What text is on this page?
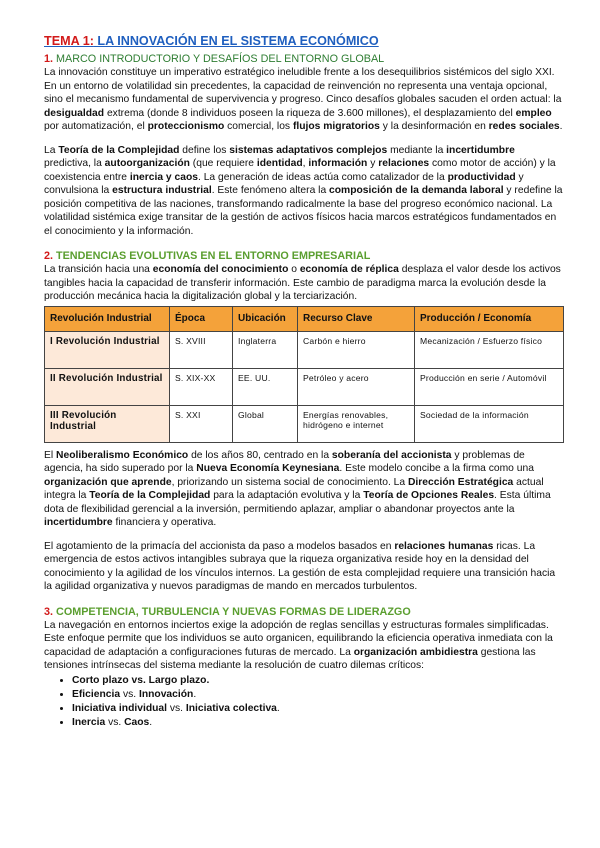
TEMA 1: LA INNOVACIÓN EN EL SISTEMA ECONÓMICO
1. MARCO INTRODUCTORIO Y DESAFÍOS DEL ENTORNO GLOBAL

La innovación constituye un imperativo estratégico ineludible frente a los desequilibrios sistémicos del siglo XXI. En un entorno de volatilidad sin precedentes, la capacidad de reinvención no representa una ventaja opcional, sino el mecanismo fundamental de supervivencia y progreso. Cinco desafíos globales sacuden el orden actual: la desigualdad extrema (donde 8 individuos poseen la riqueza de 3.600 millones), el desplazamiento del empleo por automatización, el proteccionismo comercial, los flujos migratorios y la desinformación en redes sociales.

La Teoría de la Complejidad define los sistemas adaptativos complejos mediante la incertidumbre predictiva, la autoorganización (que requiere identidad, información y relaciones como motor de acción) y la coexistencia entre inercia y caos. La generación de ideas actúa como catalizador de la productividad y convulsiona la estructura industrial. Este fenómeno altera la composición de la demanda laboral y redefine la posición competitiva de las naciones, transformando radicalmente la base del progreso económico nacional. La volatilidad sistémica exige transitar de la gestión de activos físicos hacia marcos estratégicos fundamentados en el conocimiento y la información.

2. TENDENCIAS EVOLUTIVAS EN EL ENTORNO EMPRESARIAL

La transición hacia una economía del conocimiento o economía de réplica desplaza el valor desde los activos tangibles hacia la capacidad de transferir información. Este cambio de paradigma marca la evolución desde la producción mecánica hacia la digitalización global y la terciarización.

Revolución Industrial	Época	Ubicación	Recurso Clave	Producción / Economía
I Revolución Industrial	S. XVIII	Inglaterra	Carbón e hierro	Mecanización / Esfuerzo físico
II Revolución Industrial	S. XIX-XX	EE. UU.	Petróleo y acero	Producción en serie / Automóvil
III Revolución Industrial	S. XXI	Global	Energías renovables, hidrógeno e internet	Sociedad de la información

El Neoliberalismo Económico de los años 80, centrado en la soberanía del accionista y problemas de agencia, ha sido superado por la Nueva Economía Keynesiana. Este modelo concibe a la firma como una organización que aprende, priorizando un sistema social de conocimiento. La Dirección Estratégica actual integra la Teoría de la Complejidad para la adaptación evolutiva y la Teoría de Opciones Reales. Esta última dota de flexibilidad gerencial a la inversión, permitiendo aplazar, ampliar o abandonar proyectos ante la incertidumbre financiera y operativa.

El agotamiento de la primacía del accionista da paso a modelos basados en relaciones humanas ricas. La emergencia de estos activos intangibles subraya que la riqueza organizativa reside hoy en la densidad del conocimiento y la agilidad de los vínculos internos. La gestión de esta complejidad requiere una transición hacia la agilidad organizativa y nuevos paradigmas de mando en mercados turbulentos.

3. COMPETENCIA, TURBULENCIA Y NUEVAS FORMAS DE LIDERAZGO

La navegación en entornos inciertos exige la adopción de reglas sencillas y estructuras formales simplificadas. Este enfoque permite que los individuos se auto organicen, equilibrando la eficiencia operativa inmediata con la capacidad de adaptación a configuraciones futuras de mercado. La organización ambidiestra gestiona las tensiones intrínsecas del sistema mediante la resolución de cuatro dilemas críticos:

• Corto plazo vs. Largo plazo.
• Eficiencia vs. Innovación.
• Iniciativa individual vs. Iniciativa colectiva.
• Inercia vs. Caos.
